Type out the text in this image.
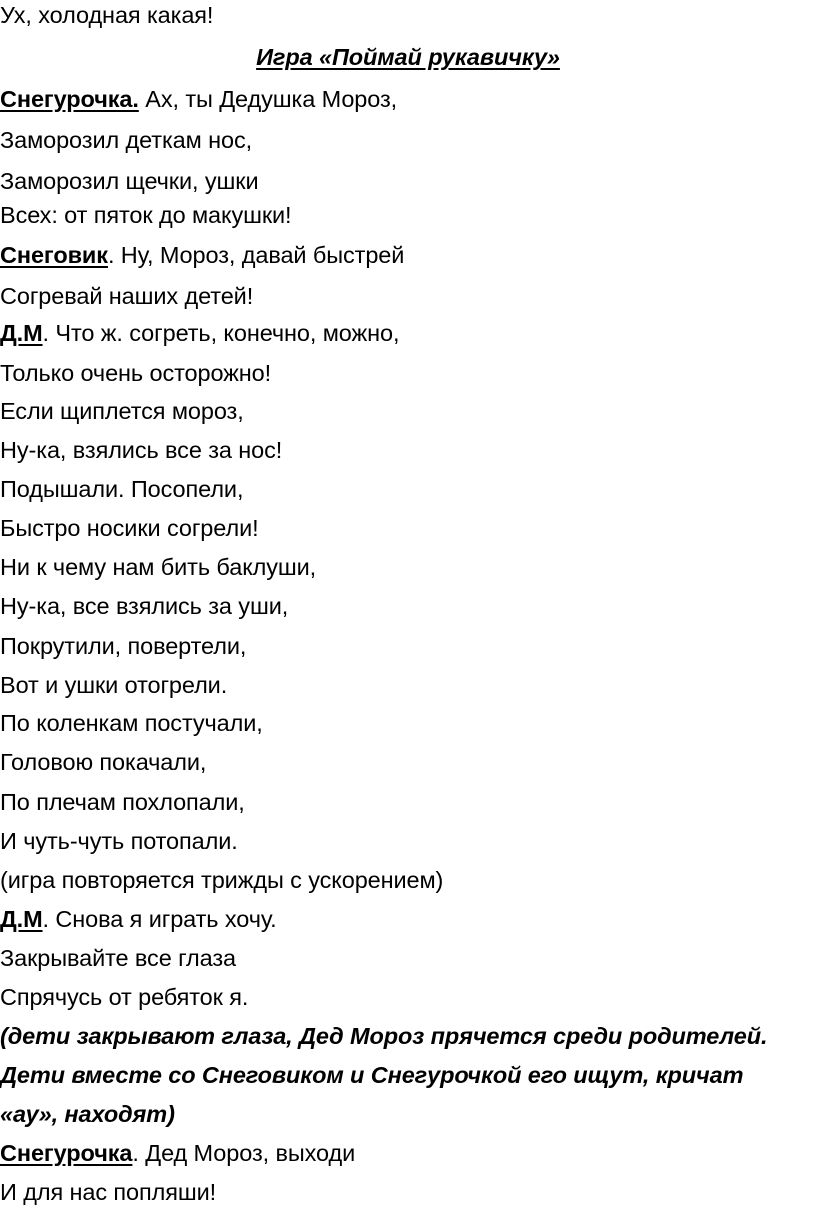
Ух, холодная какая!
Игра «Поймай рукавичку»
Снегурочка. Ах, ты Дедушка Мороз,
Заморозил деткам нос,
Заморозил щечки, ушки
Всех: от пяток до макушки!
Снеговик. Ну, Мороз, давай быстрей
Согревай наших детей!
Д.М. Что ж. согреть, конечно, можно,
Только очень осторожно!
Если щиплется мороз,
Ну-ка, взялись все за нос!
Подышали. Посопели,
Быстро носики согрели!
Ни к чему нам бить баклуши,
Ну-ка, все взялись за уши,
Покрутили, повертели,
Вот и ушки отогрели.
По коленкам постучали,
Головою покачали,
По плечам похлопали,
И чуть-чуть потопали.
(игра повторяется трижды с ускорением)
Д.М. Снова я играть хочу.
Закрывайте все глаза
Спрячусь от ребяток я.
(дети закрывают глаза, Дед Мороз прячется среди родителей.
Дети вместе со Снеговиком и Снегурочкой его ищут, кричат
«ау», находят)
Снегурочка. Дед Мороз, выходи
И для нас попляши!
